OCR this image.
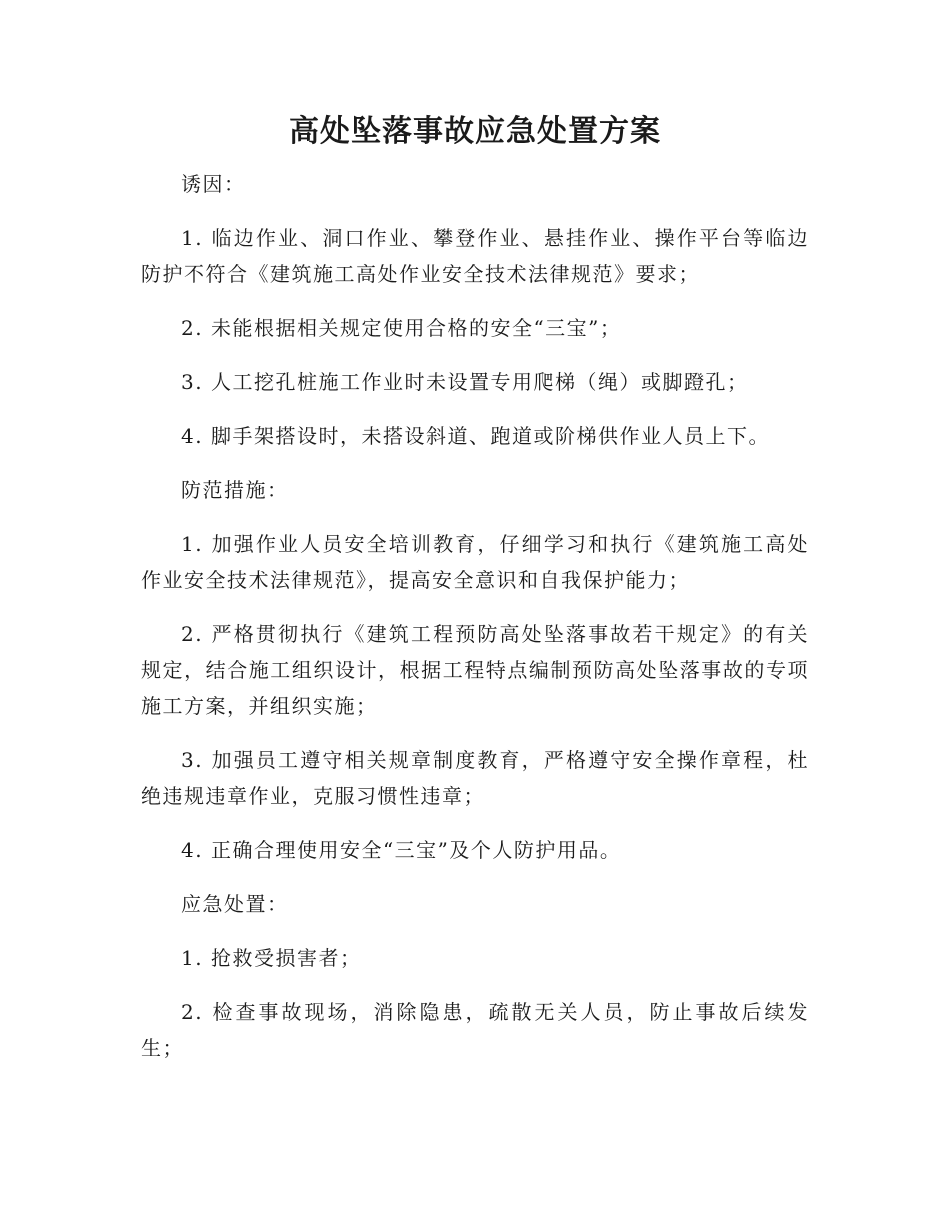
高处坠落事故应急处置方案

诱因：

1. 临边作业、洞口作业、攀登作业、悬挂作业、操作平台等临边防护不符合《建筑施工高处作业安全技术法律规范》要求；

2. 未能根据相关规定使用合格的安全“三宝”；

3. 人工挖孔桩施工作业时未设置专用爬梯（绳）或脚蹬孔；

4. 脚手架搭设时，未搭设斜道、跑道或阶梯供作业人员上下。

防范措施：

1. 加强作业人员安全培训教育，仔细学习和执行《建筑施工高处作业安全技术法律规范》，提高安全意识和自我保护能力；

2. 严格贯彻执行《建筑工程预防高处坠落事故若干规定》的有关规定，结合施工组织设计，根据工程特点编制预防高处坠落事故的专项施工方案，并组织实施；

3. 加强员工遵守相关规章制度教育，严格遵守安全操作章程，杜绝违规违章作业，克服习惯性违章；

4. 正确合理使用安全“三宝”及个人防护用品。

应急处置：

1. 抢救受损害者；

2. 检查事故现场，消除隐患，疏散无关人员，防止事故后续发生；
